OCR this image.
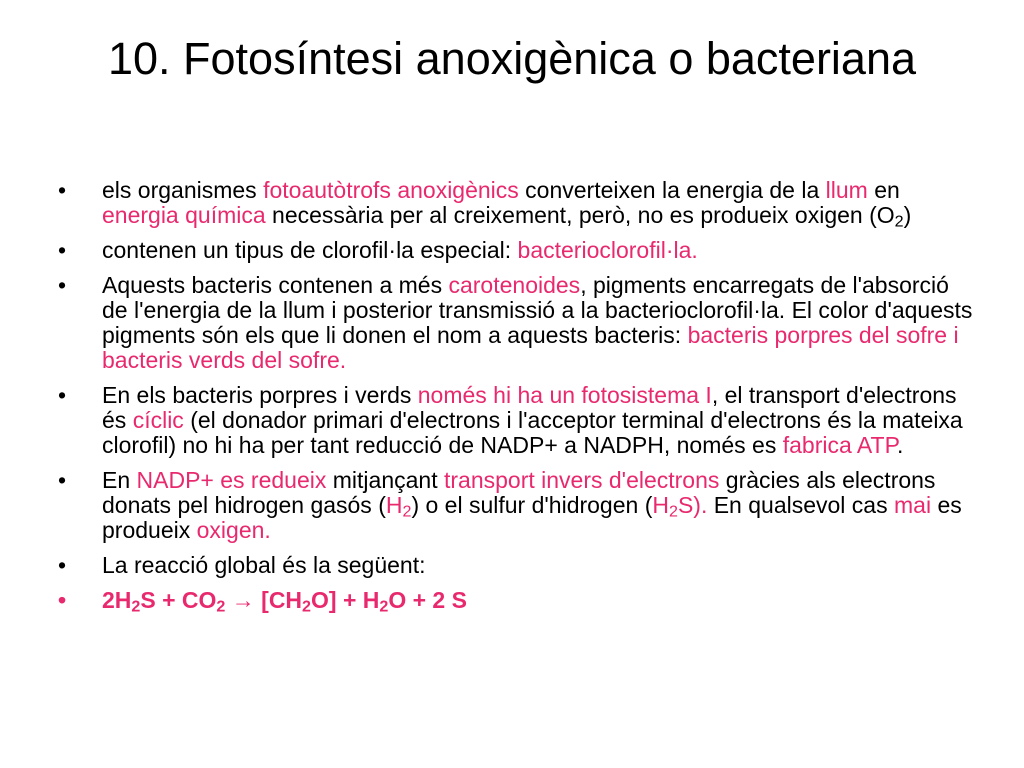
10. Fotosíntesi anoxigènica o bacteriana
• els organismes fotoautòtrofs anoxigènics converteixen la energia de la llum en energia química necessària per al creixement, però, no es produeix oxigen $(O_2)$
• contenen un tipus de clorofil·la especial: bacterioclorofil·la.
• Aquests bacteris contenen a més carotenoides, pigments encarregats de l'absorció de l'energia de la llum i posterior transmissió a la bacterioclorofil·la. El color d'aquests pigments són els que li donen el nom a aquests bacteris: bacteris porpres del sofre i bacteris verds del sofre.
• En els bacteris porpres i verds només hi ha un fotosistema I, el transport d'electrons és cíclic (el donador primari d'electrons i l'acceptor terminal d'electrons és la mateixa clorofil) no hi ha per tant reducció de NADP+ a NADPH, només es fabrica ATP.
• En NADP+ es redueix mitjançant transport invers d'electrons gràcies als electrons donats pel hidrogen gasós $(H_2)$ o el sulfur d'hidrogen $(H_2S)$. En qualsevol cas mai es produeix oxigen.
• La reacció global és la següent:
• $2H_2S + CO_2 \to [CH_2O] + H_2O + 2$ S
